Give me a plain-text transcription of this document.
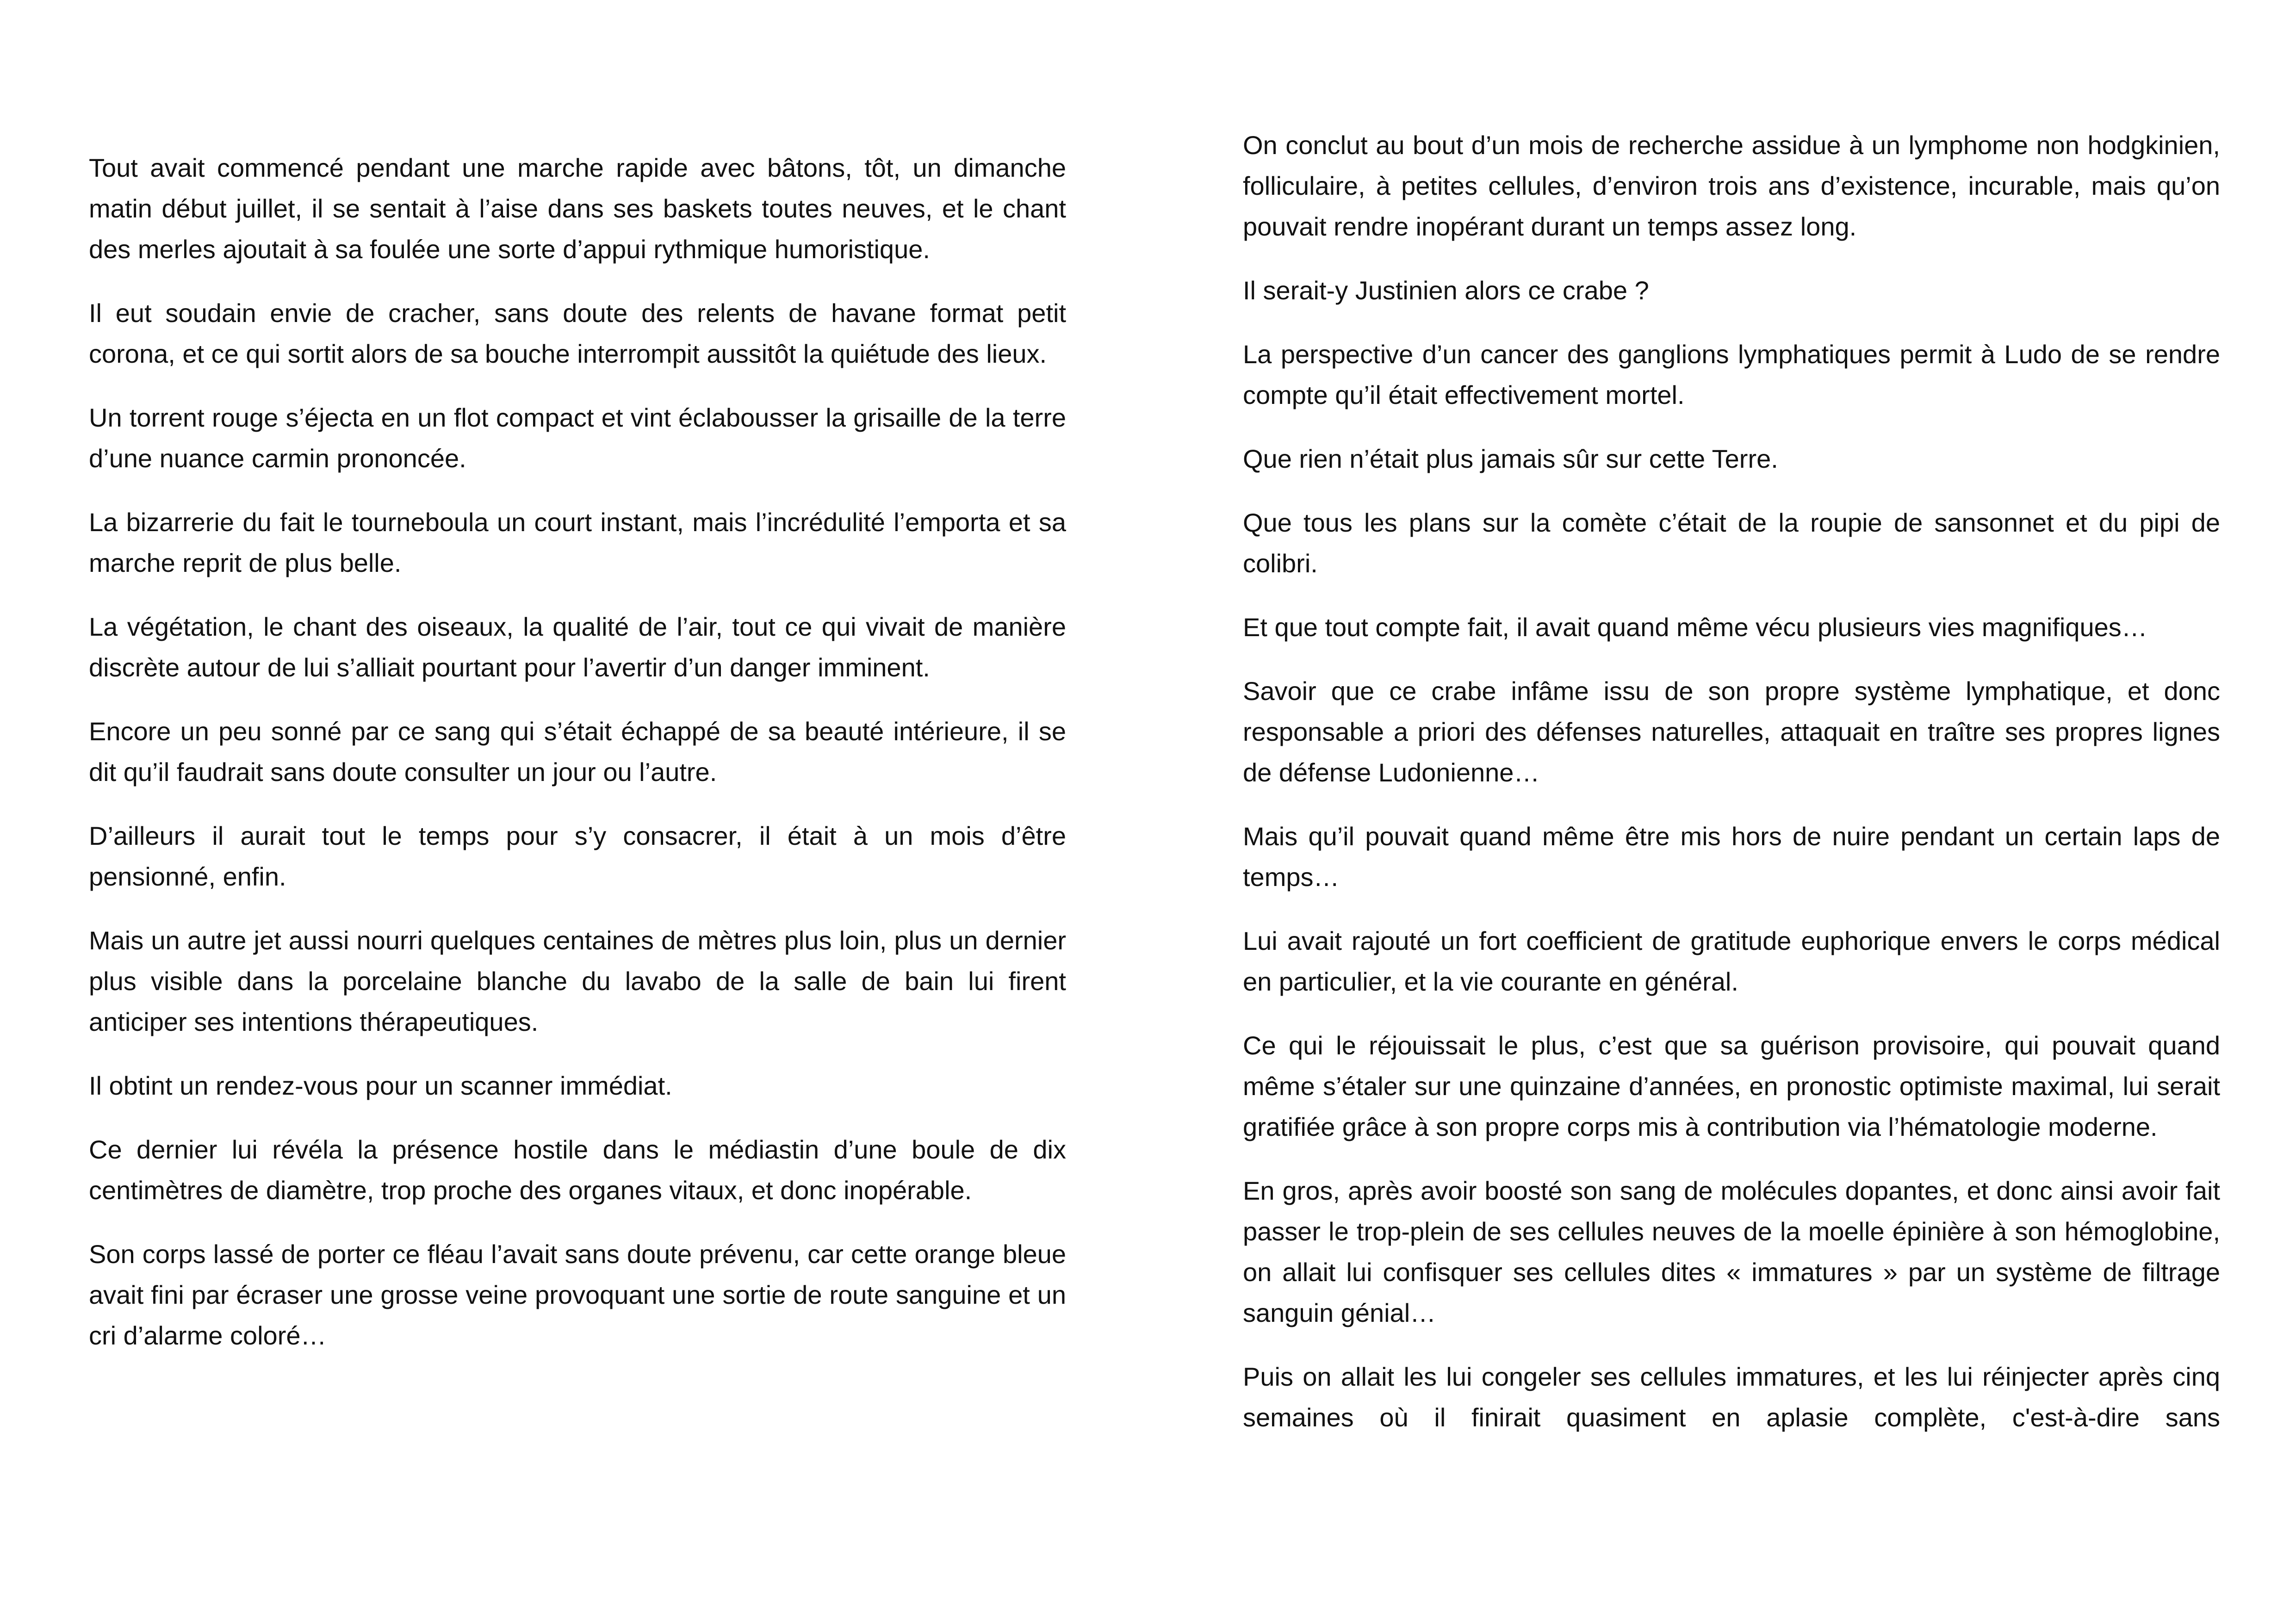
Tout avait commencé pendant une marche rapide avec bâtons, tôt, un dimanche matin début juillet, il se sentait à l’aise dans ses baskets toutes neuves, et le chant des merles ajoutait à sa foulée une sorte d’appui rythmique humoristique.

Il eut soudain envie de cracher, sans doute des relents de havane format petit corona, et ce qui sortit alors de sa bouche interrompit aussitôt la quiétude des lieux.

Un torrent rouge s’éjecta en un flot compact et vint éclabousser la grisaille de la terre d’une nuance carmin prononcée.

La bizarrerie du fait le tourneboula un court instant, mais l’incrédulité l’emporta et sa marche reprit de plus belle.

La végétation, le chant des oiseaux, la qualité de l’air, tout ce qui vivait de manière discrète autour de lui s’alliait pourtant pour l’avertir d’un danger imminent.

Encore un peu sonné par ce sang qui s’était échappé de sa beauté intérieure, il se dit qu’il faudrait sans doute consulter un jour ou l’autre.

D’ailleurs il aurait tout le temps pour s’y consacrer, il était à un mois d’être pensionné, enfin.

Mais un autre jet aussi nourri quelques centaines de mètres plus loin, plus un dernier plus visible dans la porcelaine blanche du lavabo de la salle de bain lui firent anticiper ses intentions thérapeutiques.

Il obtint un rendez-vous pour un scanner immédiat.

Ce dernier lui révéla la présence hostile dans le médiastin d’une boule de dix centimètres de diamètre, trop proche des organes vitaux, et donc inopérable.

Son corps lassé de porter ce fléau l’avait sans doute prévenu, car cette orange bleue avait fini par écraser une grosse veine provoquant une sortie de route sanguine et un cri d’alarme coloré…

On conclut au bout d’un mois de recherche assidue à un lymphome non hodgkinien, folliculaire, à petites cellules, d’environ trois ans d’existence, incurable, mais qu’on pouvait rendre inopérant durant un temps assez long.

Il serait-y Justinien alors ce crabe ?

La perspective d’un cancer des ganglions lymphatiques permit à Ludo de se rendre compte qu’il était effectivement mortel.

Que rien n’était plus jamais sûr sur cette Terre.

Que tous les plans sur la comète c’était de la roupie de sansonnet et du pipi de colibri.

Et que tout compte fait, il avait quand même vécu plusieurs vies magnifiques…

Savoir que ce crabe infâme issu de son propre système lymphatique, et donc responsable a priori des défenses naturelles, attaquait en traître ses propres lignes de défense Ludonienne…

Mais qu’il pouvait quand même être mis hors de nuire pendant un certain laps de temps…

Lui avait rajouté un fort coefficient de gratitude euphorique envers le corps médical en particulier, et la vie courante en général.

Ce qui le réjouissait le plus, c’est que sa guérison provisoire, qui pouvait quand même s’étaler sur une quinzaine d’années, en pronostic optimiste maximal, lui serait gratifiée grâce à son propre corps mis à contribution via l’hématologie moderne.

En gros, après avoir boosté son sang de molécules dopantes, et donc ainsi avoir fait passer le trop-plein de ses cellules neuves de la moelle épinière à son hémoglobine, on allait lui confisquer ses cellules dites « immatures » par un système de filtrage sanguin génial…

Puis on allait les lui congeler ses cellules immatures, et les lui réinjecter après cinq semaines où il finirait quasiment en aplasie complète, c'est-à-dire sans
